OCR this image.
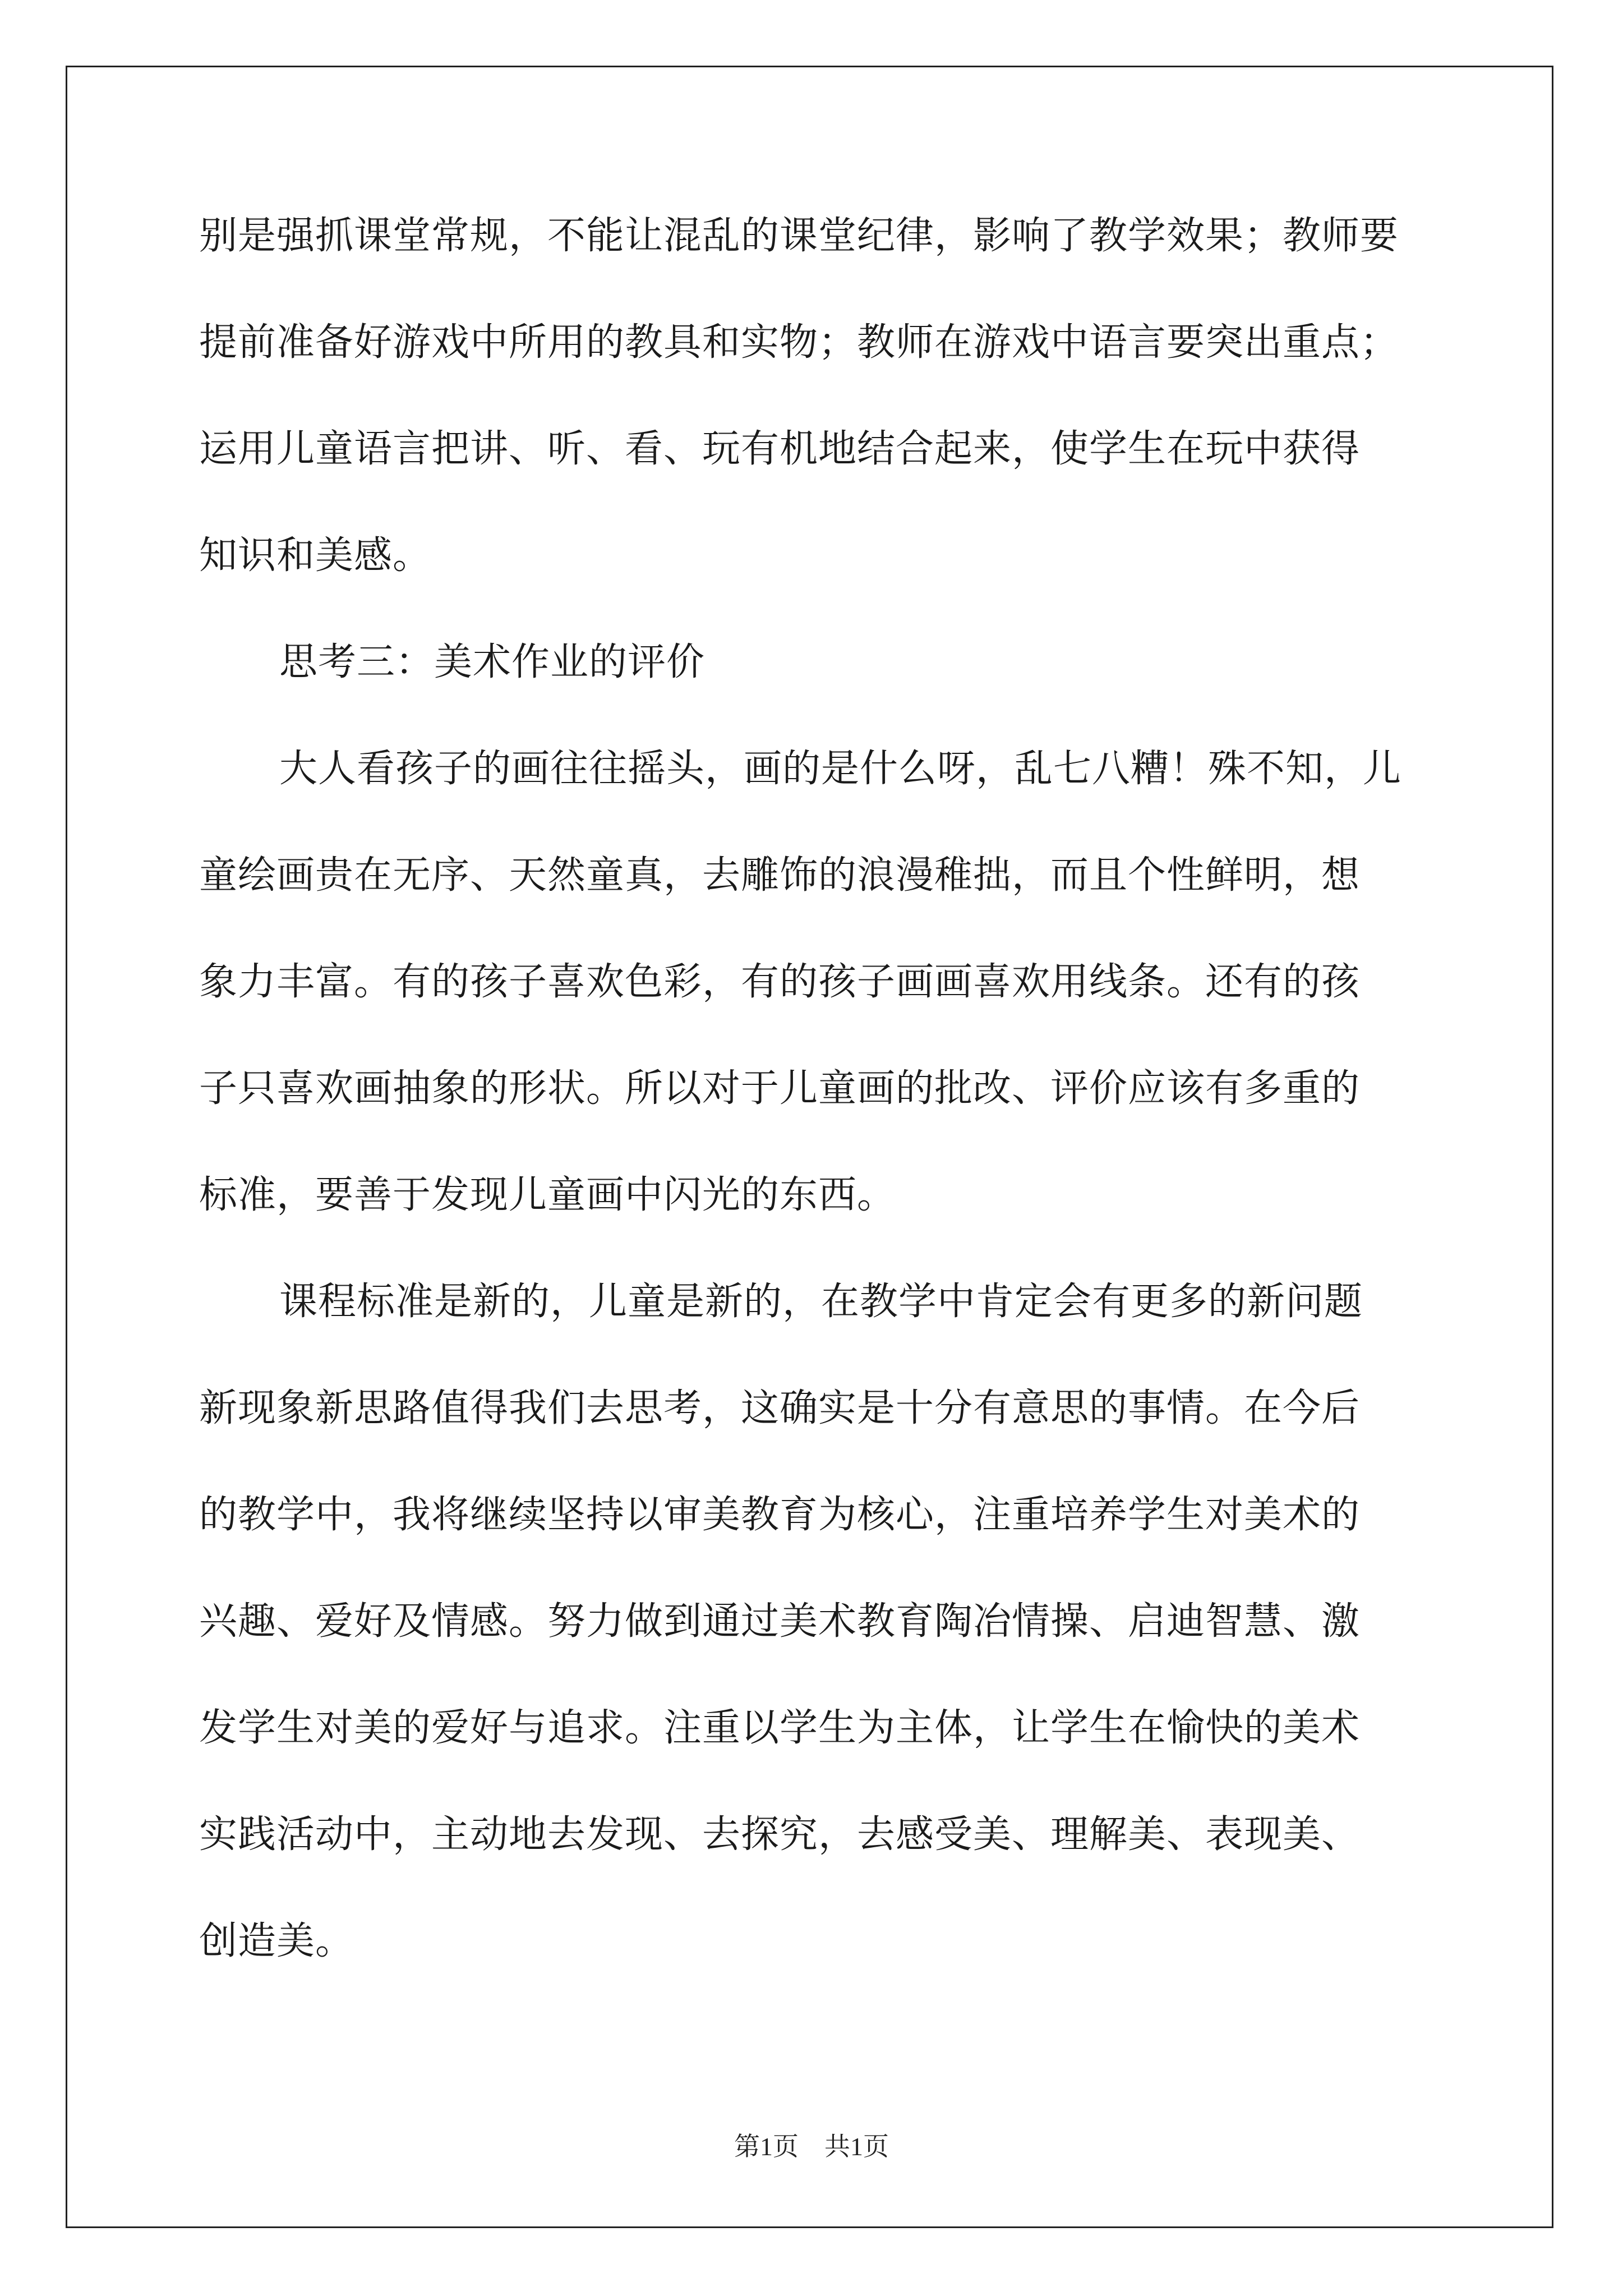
别是强抓课堂常规，不能让混乱的课堂纪律，影响了教学效果；教师要
提前准备好游戏中所用的教具和实物；教师在游戏中语言要突出重点；
运用儿童语言把讲、听、看、玩有机地结合起来，使学生在玩中获得
知识和美感。
思考三：美术作业的评价
大人看孩子的画往往摇头，画的是什么呀，乱七八糟！殊不知，儿
童绘画贵在无序、天然童真，去雕饰的浪漫稚拙，而且个性鲜明，想
象力丰富。有的孩子喜欢色彩，有的孩子画画喜欢用线条。还有的孩
子只喜欢画抽象的形状。所以对于儿童画的批改、评价应该有多重的
标准，要善于发现儿童画中闪光的东西。
课程标准是新的，儿童是新的，在教学中肯定会有更多的新问题
新现象新思路值得我们去思考，这确实是十分有意思的事情。在今后
的教学中，我将继续坚持以审美教育为核心，注重培养学生对美术的
兴趣、爱好及情感。努力做到通过美术教育陶冶情操、启迪智慧、激
发学生对美的爱好与追求。注重以学生为主体，让学生在愉快的美术
实践活动中，主动地去发现、去探究，去感受美、理解美、表现美、
创造美。
第1页　共1页
